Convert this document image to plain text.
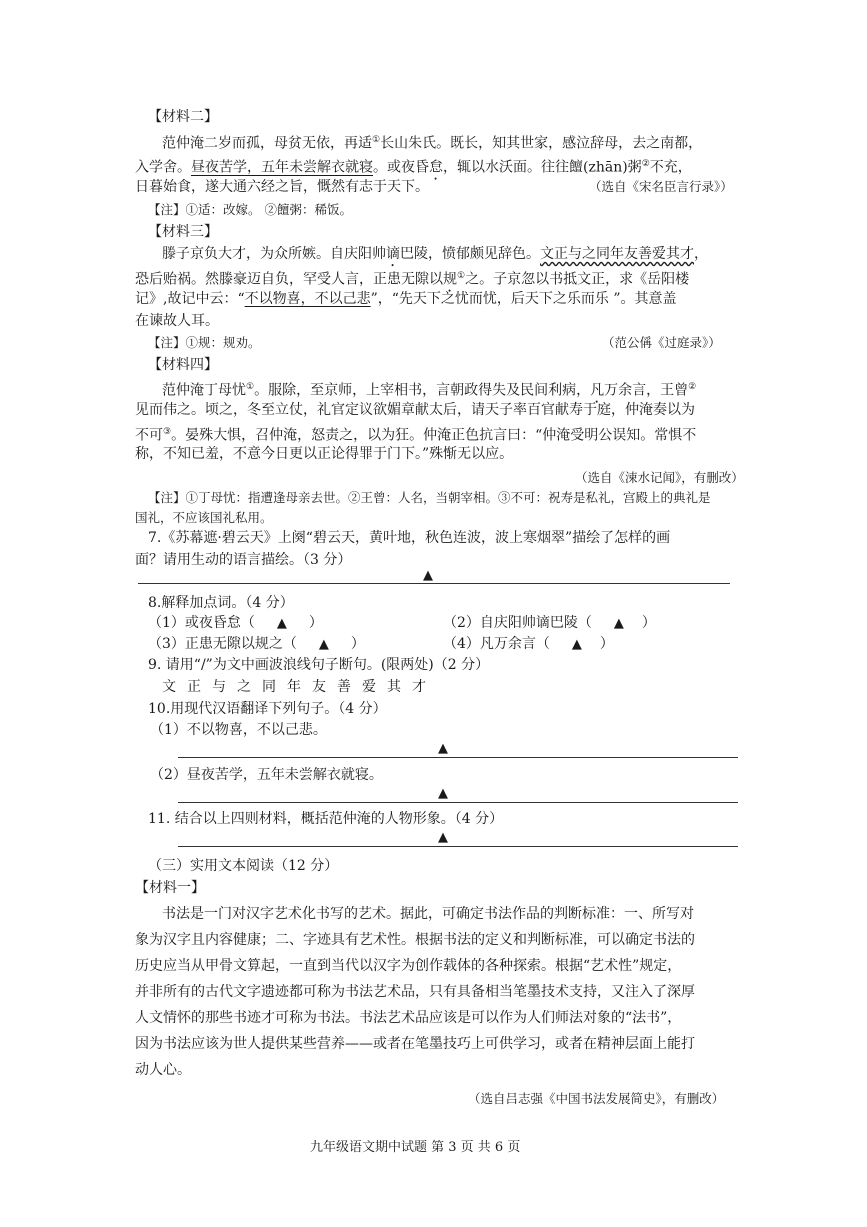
【材料二】
范仲淹二岁而孤，母贫无依，再适①长山朱氏。既长，知其世家，感泣辞母，去之南都，
入学舍。昼夜苦学，五年未尝解衣就寝。或夜昏怠，辄以水沃面。往往饘(zhān)粥②不充，
日暮始食，遂大通六经之旨，慨然有志于天下。	（选自《宋名臣言行录》）
【注】①适：改嫁。 ②饘粥：稀饭。
【材料三】
滕子京负大才，为众所嫉。自庆阳帅谪巴陵，愤郁颇见辞色。文正与之同年友善爱其才，
恐后贻祸。然滕豪迈自负，罕受人言，正患无隙以规①之。子京忽以书抵文正，求《岳阳楼
记》,故记中云：“不以物喜，不以己悲”，“先天下之忧而忧，后天下之乐而乐 ”。其意盖
在谏故人耳。
【注】①规：规劝。	（范公偁《过庭录》）
【材料四】
范仲淹丁母忧①。服除，至京师，上宰相书，言朝政得失及民间利病，凡万余言，王曾②
见而伟之。顷之，冬至立仗，礼官定议欲媚章献太后，请天子率百官献寿于庭，仲淹奏以为
不可③。晏殊大惧，召仲淹，怒责之，以为狂。仲淹正色抗言曰：“仲淹受明公误知。常惧不
称，不知已羞，不意今日更以正论得罪于门下。”殊惭无以应。
（选自《涑水记闻》，有删改）
【注】①丁母忧：指遭逢母亲去世。②王曾：人名，当朝宰相。③不可：祝寿是私礼，宫殿上的典礼是
国礼，不应该国礼私用。
7.《苏幕遮·碧云天》上阕“碧云天，黄叶地，秋色连波，波上寒烟翠”描绘了怎样的画
面？请用生动的语言描绘。（3 分）
▲
8.解释加点词。（4 分）
（1）或夜昏怠（ ▲ ）	（2）自庆阳帅谪巴陵（ ▲ ）
（3）正患无隙以规之（ ▲ ）	（4）凡万余言（ ▲ ）
9. 请用“/”为文中画波浪线句子断句。(限两处)（2 分）
文正与之同年友善爱其才
10.用现代汉语翻译下列句子。（4 分）
（1）不以物喜，不以己悲。
▲
（2）昼夜苦学，五年未尝解衣就寝。
▲
11. 结合以上四则材料，概括范仲淹的人物形象。（4 分）
▲
（三）实用文本阅读（12 分）
【材料一】
书法是一门对汉字艺术化书写的艺术。据此，可确定书法作品的判断标准：一、所写对
象为汉字且内容健康；二、字迹具有艺术性。根据书法的定义和判断标准，可以确定书法的
历史应当从甲骨文算起，一直到当代以汉字为创作载体的各种探索。根据“艺术性”规定，
并非所有的古代文字遗迹都可称为书法艺术品，只有具备相当笔墨技术支持，又注入了深厚
人文情怀的那些书迹才可称为书法。书法艺术品应该是可以作为人们师法对象的“法书”，
因为书法应该为世人提供某些营养——或者在笔墨技巧上可供学习，或者在精神层面上能打
动人心。
（选自吕志强《中国书法发展简史》，有删改）
九年级语文期中试题 第 3 页 共 6 页
